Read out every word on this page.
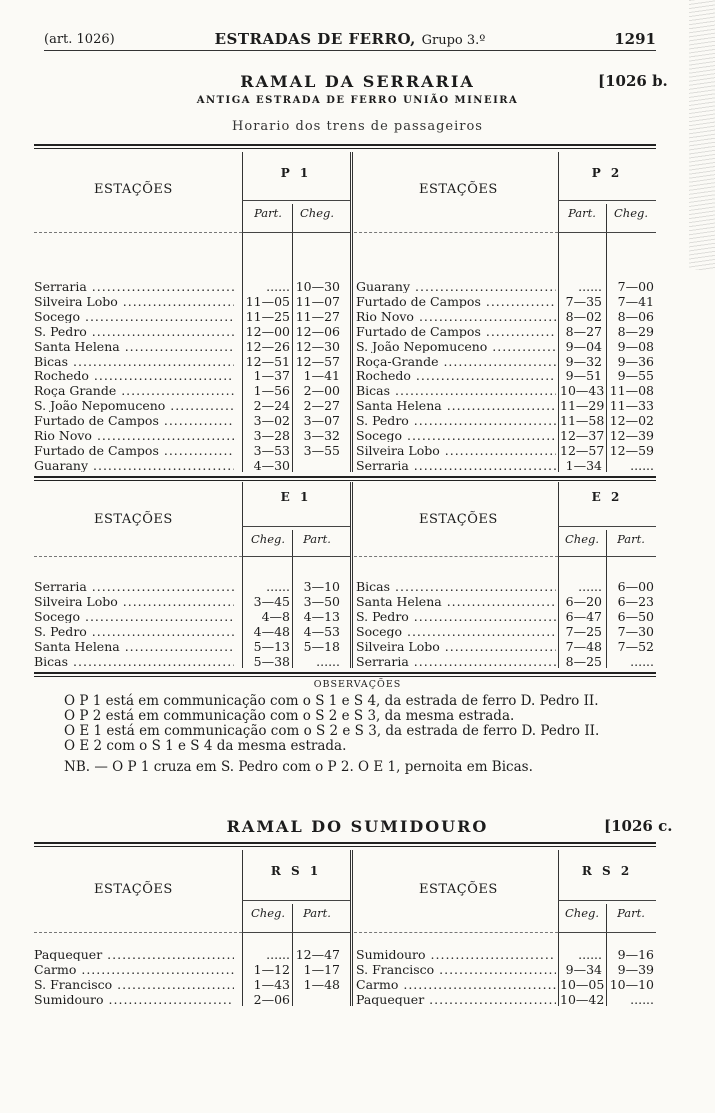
(art. 1026)	ESTRADAS DE FERRO, Grupo 3.º	1291
RAMAL DA SERRARIA	[1026 b.
ANTIGA ESTRADA DE FERRO UNIÃO MINEIRA
Horario dos trens de passageiros
ESTAÇÕES	ESTAÇÕES
P 1	P 2
Part.	Cheg.	Part.	Cheg.
Serraria .....	...... 10—30
Silveira Lobo .....	11—05 11—07
Socego .....	11—25 11—27
S. Pedro .....	12—00 12—06
Santa Helena .....	12—26 12—30
Bicas .....	12—51 12—57
Rochedo .....	1—37	1—41
Roça Grande .....	1—56	2—00
S. João Nepomuceno .....	2—24	2—27
Furtado de Campos .....	3—02	3—07
Rio Novo .....	3—28	3—32
Furtado de Campos .....	3—53	3—55
Guarany .....	4—30
Guarany .....	......	7—00
Furtado de Campos .....	7—35	7—41
Rio Novo .....	8—02	8—06
Furtado de Campos .....	8—27	8—29
S. João Nepomuceno .....	9—04	9—08
Roça-Grande .....	9—32	9—36
Rochedo .....	9—51	9—55
Bicas .....	10—43 11—08
Santa Helena .....	11—29 11—33
S. Pedro .....	11—58 12—02
Socego .....	12—37 12—39
Silveira Lobo .....	12—57 12—59
Serraria .....	1—34	......
ESTAÇÕES	ESTAÇÕES
E 1	E 2
Cheg.	Part.	Cheg.	Part.
Serraria .....	......	3—10
Silveira Lobo .....	3—45	3—50
Socego .....	4—8	4—13
S. Pedro .....	4—48	4—53
Santa Helena .....	5—13	5—18
Bicas .....	5—38	......
Bicas .....	......	6—00
Santa Helena .....	6—20	6—23
S. Pedro .....	6—47	6—50
Socego .....	7—25	7—30
Silveira Lobo .....	7—48	7—52
Serraria .....	8—25	......
OBSERVAÇÕES
O P 1 está em communicação com o S 1 e S 4, da estrada de ferro D. Pedro II.
O P 2 está em communicação com o S 2 e S 3, da mesma estrada.
O E 1 está em communicação com o S 2 e S 3, da estrada de ferro D. Pedro II.
O E 2 com o S 1 e S 4 da mesma estrada.
NB. — O P 1 cruza em S. Pedro com o P 2. O E 1, pernoita em Bicas.
RAMAL DO SUMIDOURO	[1026 c.
ESTAÇÕES	ESTAÇÕES
R S 1	R S 2
Cheg.	Part.	Cheg.	Part.
Paquequer .....	...... 12—47
Carmo .....	1—12	1—17
S. Francisco .....	1—43	1—48
Sumidouro .....	2—06
Sumidouro .....	......	9—16
S. Francisco .....	9—34	9—39
Carmo .....	10—05 10—10
Paquequer .....	10—42	......
